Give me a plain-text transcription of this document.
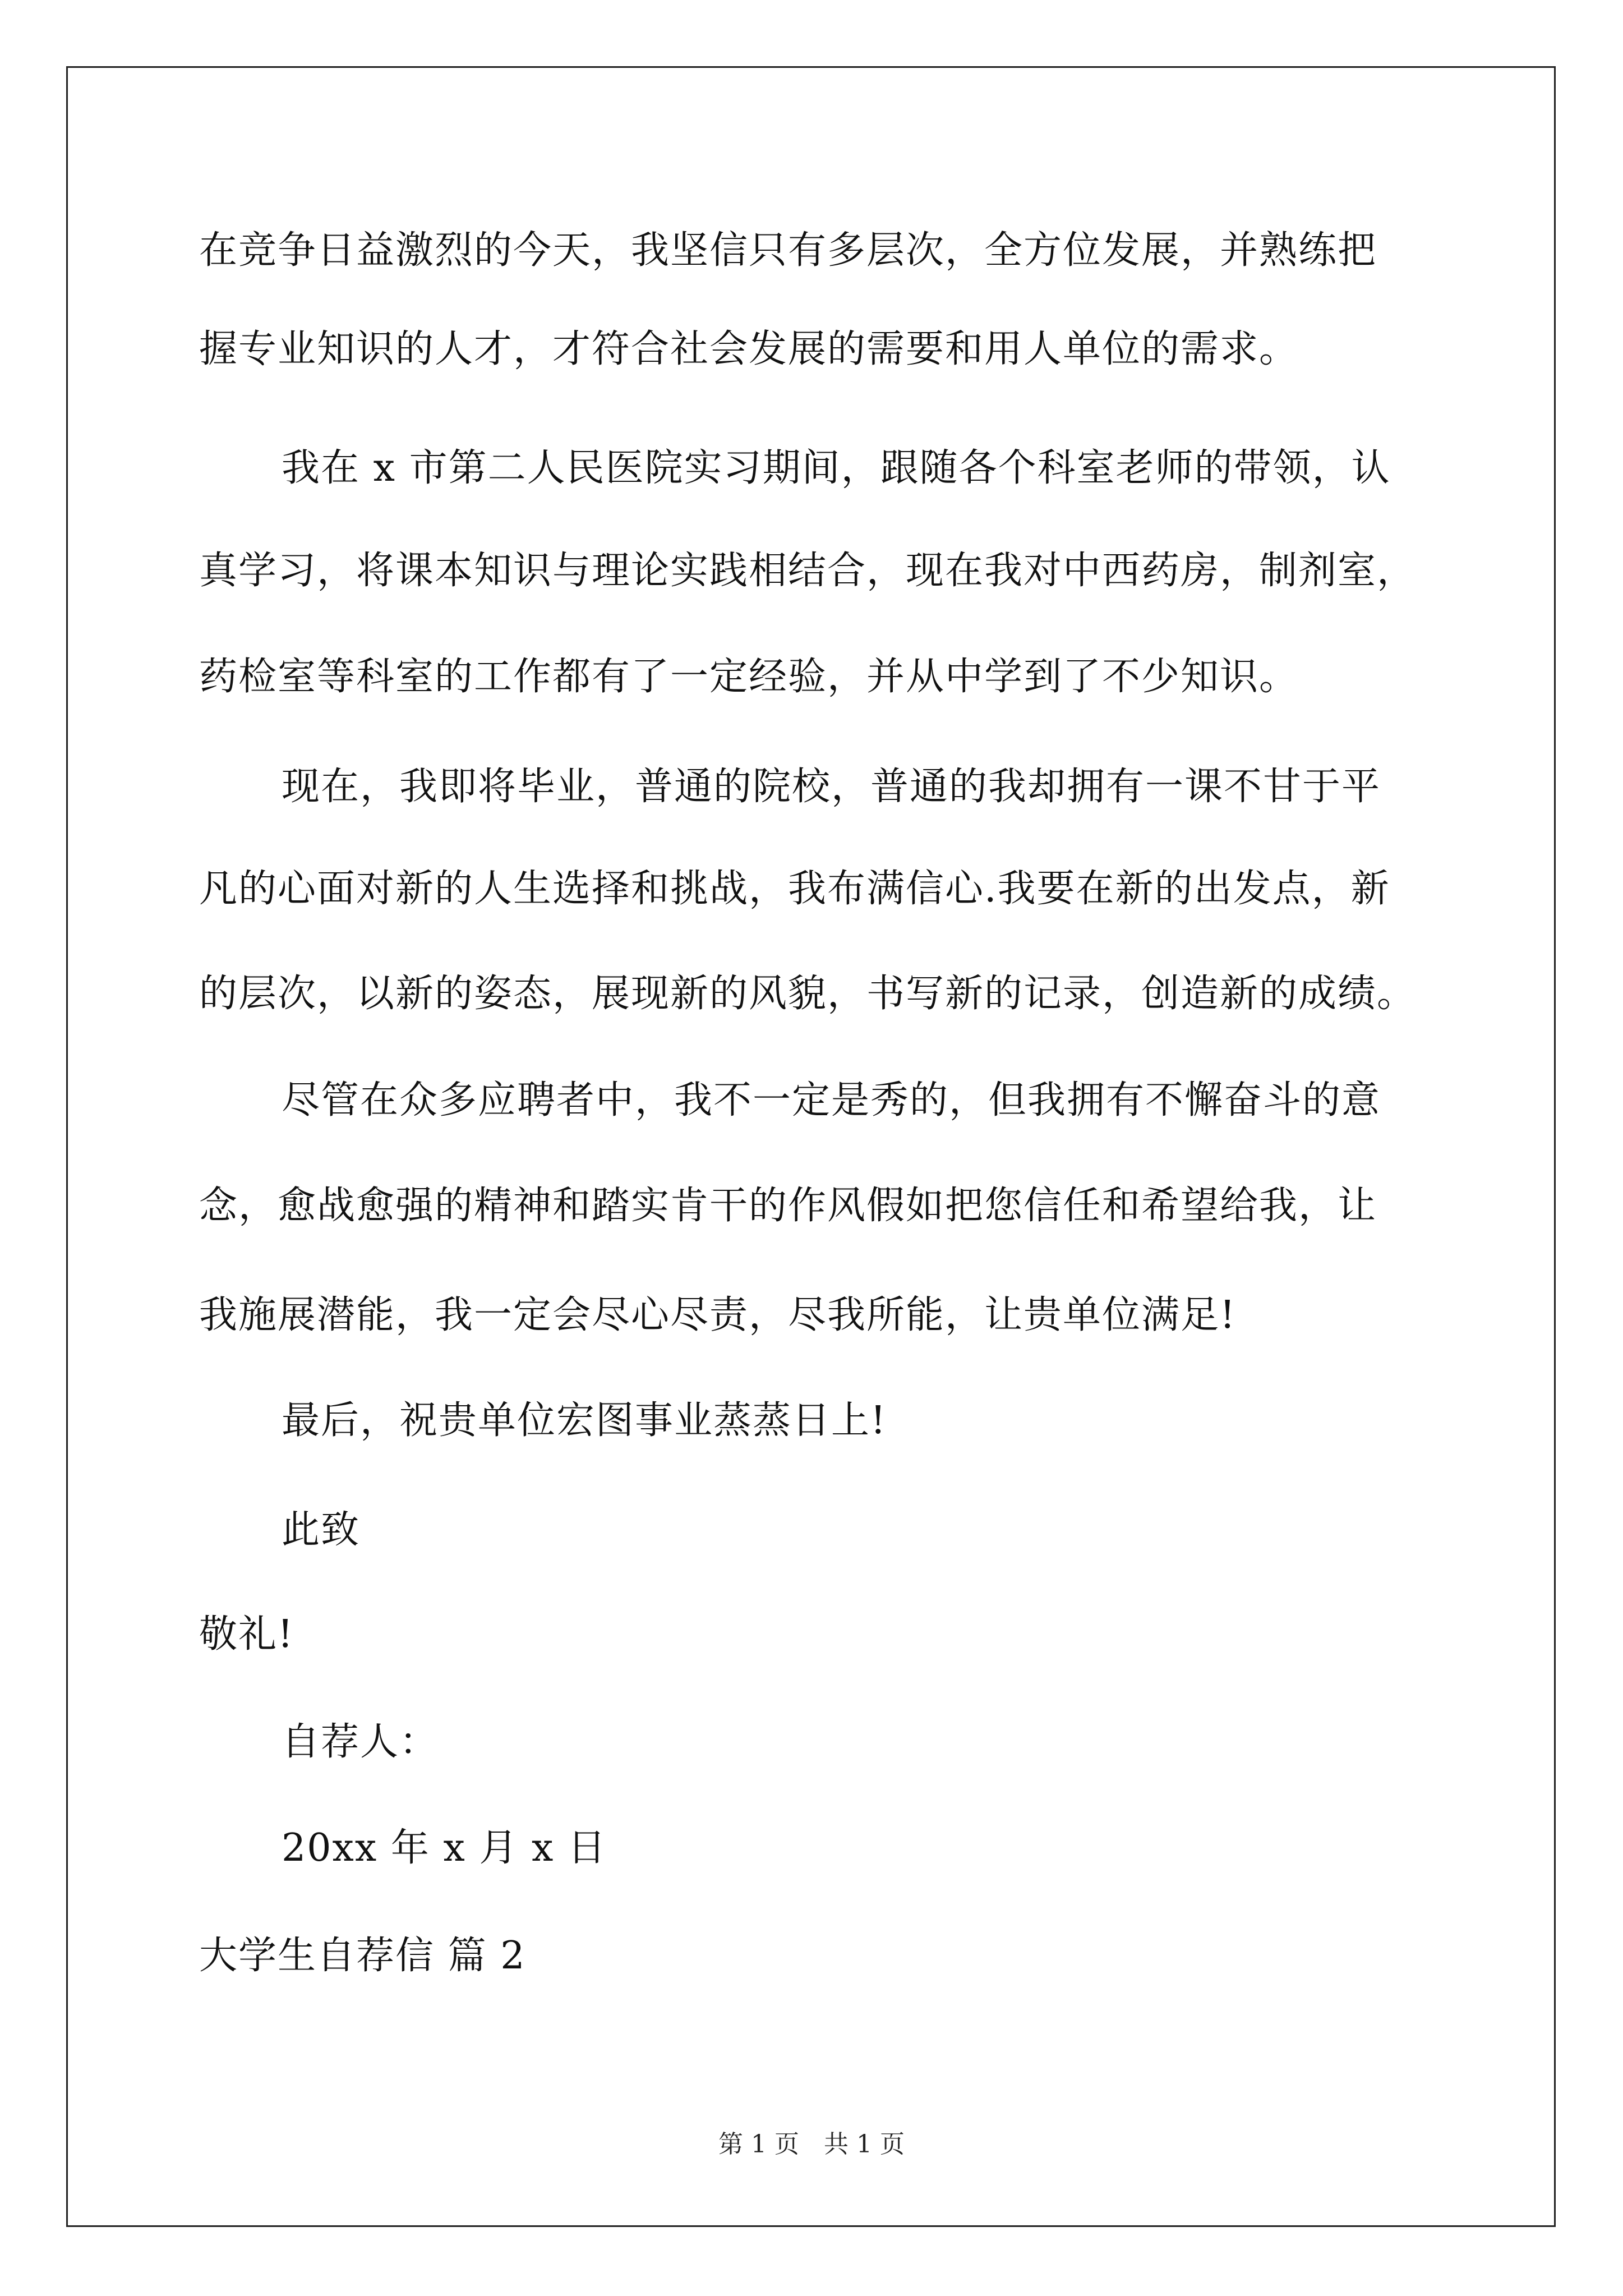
在竞争日益激烈的今天，我坚信只有多层次，全方位发展，并熟练把
握专业知识的人才，才符合社会发展的需要和用人单位的需求。
我在 x 市第二人民医院实习期间，跟随各个科室老师的带领，认
真学习，将课本知识与理论实践相结合，现在我对中西药房，制剂室，
药检室等科室的工作都有了一定经验，并从中学到了不少知识。
现在，我即将毕业，普通的院校，普通的我却拥有一课不甘于平
凡的心面对新的人生选择和挑战，我布满信心.我要在新的出发点，新
的层次，以新的姿态，展现新的风貌，书写新的记录，创造新的成绩。
尽管在众多应聘者中，我不一定是秀的，但我拥有不懈奋斗的意
念，愈战愈强的精神和踏实肯干的作风假如把您信任和希望给我，让
我施展潜能，我一定会尽心尽责，尽我所能，让贵单位满足!
最后，祝贵单位宏图事业蒸蒸日上!
此致
敬礼!
自荐人：
20xx 年 x 月 x 日
大学生自荐信 篇 2
第 1 页　共 1 页
